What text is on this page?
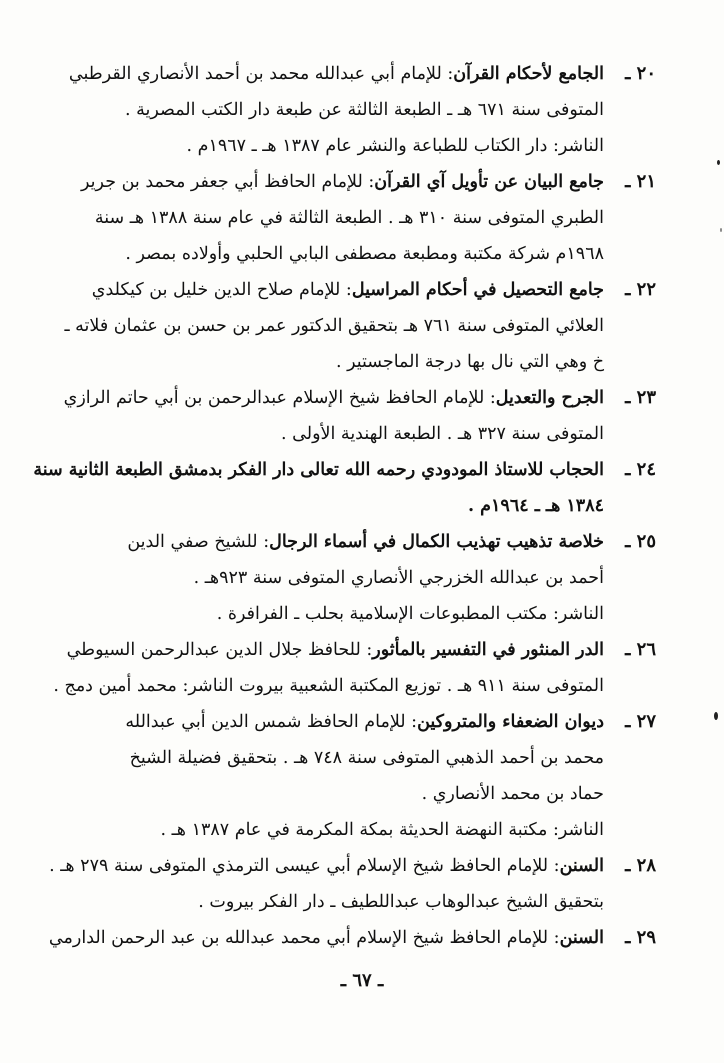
٢٠ ـ
الجامع لأحكام القرآن: للإمام أبي عبدالله محمد بن أحمد الأنصاري القرطبي
المتوفى سنة ٦٧١ هـ ـ الطبعة الثالثة عن طبعة دار الكتب المصرية .
الناشر: دار الكتاب للطباعة والنشر عام ١٣٨٧ هـ ـ ١٩٦٧م .
٢١ ـ
جامع البيان عن تأويل آي القرآن: للإمام الحافظ أبي جعفر محمد بن جرير
الطبري المتوفى سنة ٣١٠ هـ . الطبعة الثالثة في عام سنة ١٣٨٨ هـ سنة
١٩٦٨م شركة مكتبة ومطبعة مصطفى البابي الحلبي وأولاده بمصر .
٢٢ ـ
جامع التحصيل في أحكام المراسيل: للإمام صلاح الدين خليل بن كيكلدي
العلائي المتوفى سنة ٧٦١ هـ بتحقيق الدكتور عمر بن حسن بن عثمان فلاته ـ
خ وهي التي نال بها درجة الماجستير .
٢٣ ـ
الجرح والتعديل: للإمام الحافظ شيخ الإسلام عبدالرحمن بن أبي حاتم الرازي
المتوفى سنة ٣٢٧ هـ . الطبعة الهندية الأولى .
٢٤ ـ
الحجاب للاستاذ المودودي رحمه الله تعالى دار الفكر بدمشق الطبعة الثانية سنة
١٣٨٤ هـ ـ ١٩٦٤م .
٢٥ ـ
خلاصة تذهيب تهذيب الكمال في أسماء الرجال: للشيخ صفي الدين
أحمد بن عبدالله الخزرجي الأنصاري المتوفى سنة ٩٢٣هـ .
الناشر: مكتب المطبوعات الإسلامية بحلب ـ الفرافرة .
٢٦ ـ
الدر المنثور في التفسير بالمأثور: للحافظ جلال الدين عبدالرحمن السيوطي
المتوفى سنة ٩١١ هـ . توزيع المكتبة الشعبية بيروت الناشر: محمد أمين دمج .
٢٧ ـ
ديوان الضعفاء والمتروكين: للإمام الحافظ شمس الدين أبي عبدالله
محمد بن أحمد الذهبي المتوفى سنة ٧٤٨ هـ . بتحقيق فضيلة الشيخ
حماد بن محمد الأنصاري .
الناشر: مكتبة النهضة الحديثة بمكة المكرمة في عام ١٣٨٧ هـ .
٢٨ ـ
السنن: للإمام الحافظ شيخ الإسلام أبي عيسى الترمذي المتوفى سنة ٢٧٩ هـ .
بتحقيق الشيخ عبدالوهاب عبداللطيف ـ دار الفكر بيروت .
٢٩ ـ
السنن: للإمام الحافظ شيخ الإسلام أبي محمد عبدالله بن عبد الرحمن الدارمي
ـ ٦٧ ـ
